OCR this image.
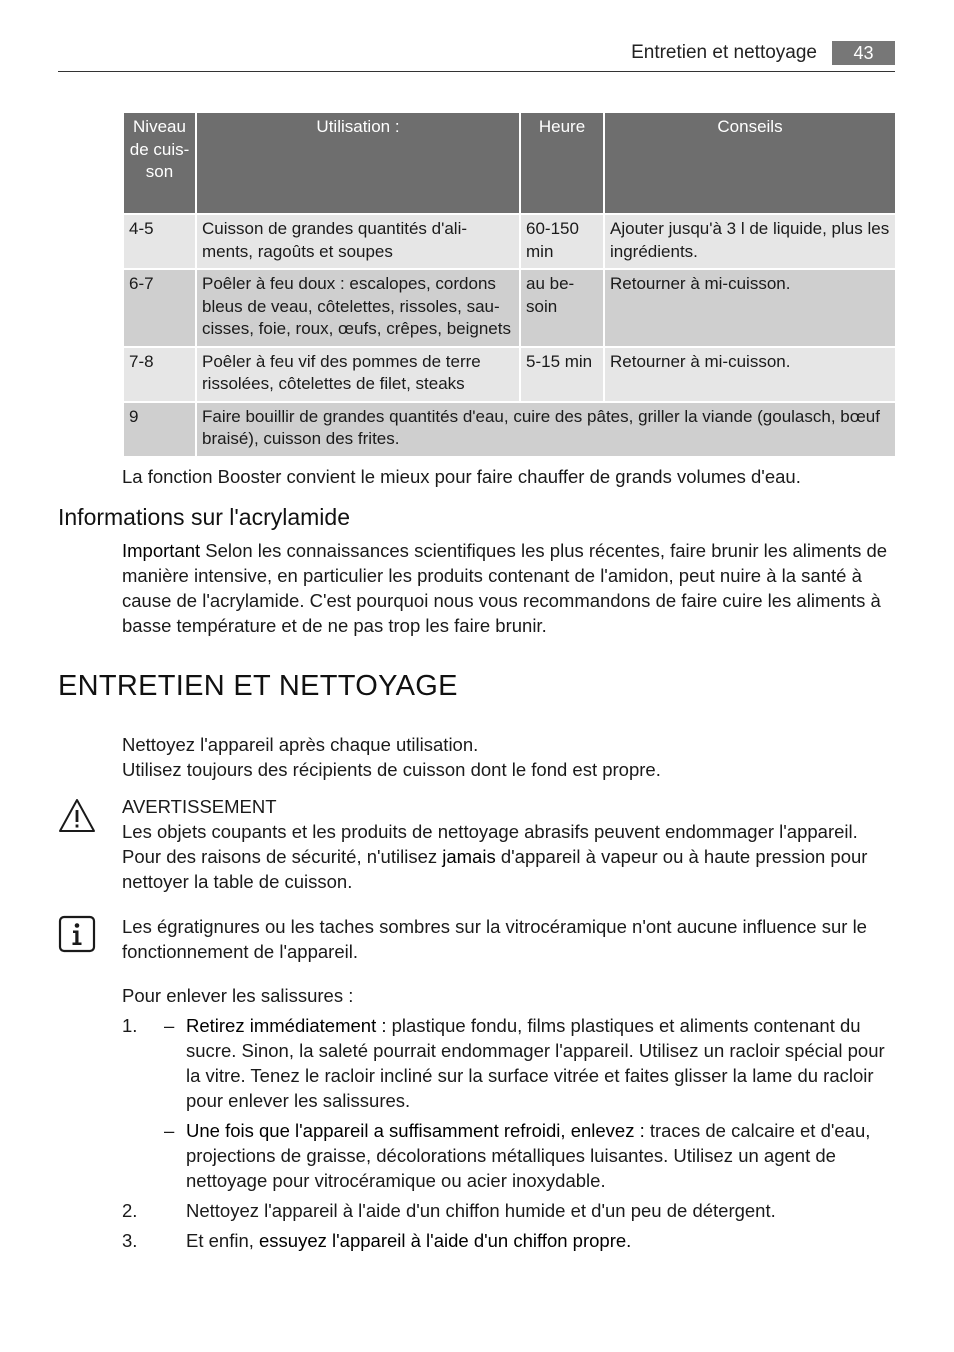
Entretien et nettoyage	43
Niveau de cuis- son	Utilisation :	Heure	Conseils
4-5	Cuisson de grandes quantités d'ali- ments, ragoûts et soupes	60-150 min	Ajouter jusqu'à 3 l de liquide, plus les ingrédients.
6-7	Poêler à feu doux : escalopes, cordons bleus de veau, côtelettes, rissoles, sau- cisses, foie, roux, œufs, crêpes, beignets	au be- soin	Retourner à mi-cuisson.
7-8	Poêler à feu vif des pommes de terre rissolées, côtelettes de filet, steaks	5-15 min	Retourner à mi-cuisson.
9	Faire bouillir de grandes quantités d'eau, cuire des pâtes, griller la viande (goulasch, bœuf braisé), cuisson des frites.		
La fonction Booster convient le mieux pour faire chauffer de grands volumes d'eau.
Informations sur l'acrylamide
Important Selon les connaissances scientifiques les plus récentes, faire brunir les aliments de manière intensive, en particulier les produits contenant de l'amidon, peut nuire à la santé à cause de l'acrylamide. C'est pourquoi nous vous recommandons de faire cuire les aliments à basse température et de ne pas trop les faire brunir.
ENTRETIEN ET NETTOYAGE
Nettoyez l'appareil après chaque utilisation.
Utilisez toujours des récipients de cuisson dont le fond est propre.
AVERTISSEMENT
Les objets coupants et les produits de nettoyage abrasifs peuvent endommager l'appareil. Pour des raisons de sécurité, n'utilisez jamais d'appareil à vapeur ou à haute pression pour nettoyer la table de cuisson.
Les égratignures ou les taches sombres sur la vitrocéramique n'ont aucune influence sur le fonctionnement de l'appareil.
Pour enlever les salissures :
1. – Retirez immédiatement : plastique fondu, films plastiques et aliments contenant du sucre. Sinon, la saleté pourrait endommager l'appareil. Utilisez un racloir spécial pour la vitre. Tenez le racloir incliné sur la surface vitrée et faites glisser la lame du racloir pour enlever les salissures.
– Une fois que l'appareil a suffisamment refroidi, enlevez : traces de calcaire et d'eau, projections de graisse, décolorations métalliques luisantes. Utilisez un agent de nettoyage pour vitrocéramique ou acier inoxydable.
2.	Nettoyez l'appareil à l'aide d'un chiffon humide et d'un peu de détergent.
3.	Et enfin, essuyez l'appareil à l'aide d'un chiffon propre.
